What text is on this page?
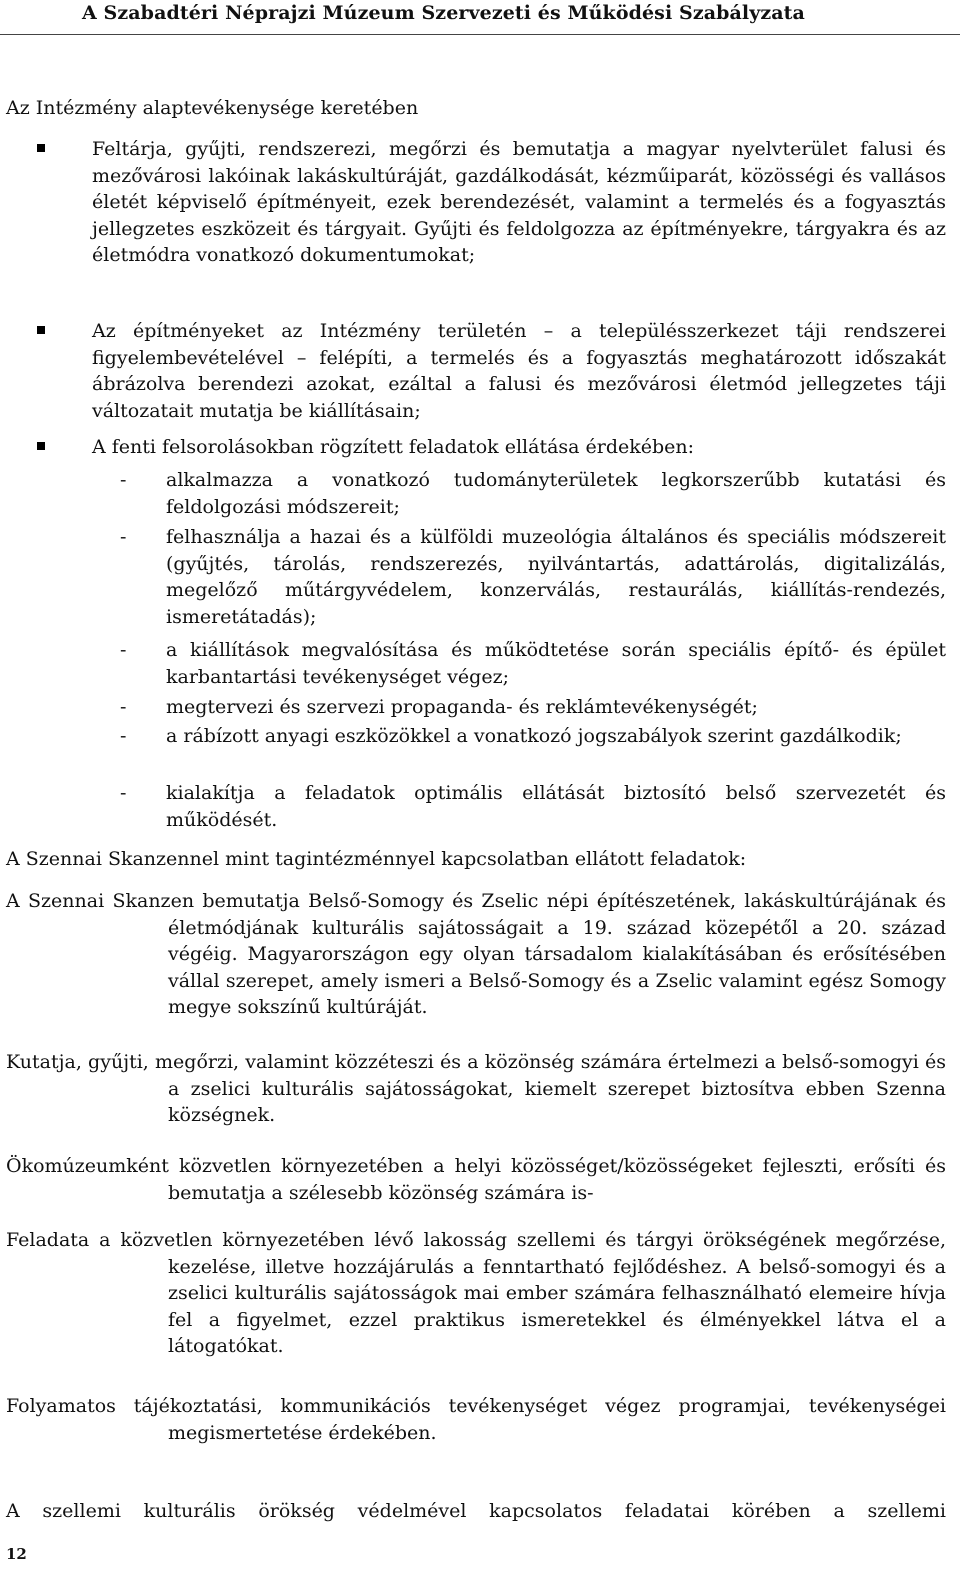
A Szabadtéri Néprajzi Múzeum Szervezeti és Működési Szabályzata
Az Intézmény alaptevékenysége keretében
Feltárja, gyűjti, rendszerezi, megőrzi és bemutatja a magyar nyelvterület falusi és mezővárosi lakóinak lakáskultúráját, gazdálkodását, kézműiparát, közösségi és vallásos életét képviselő építményeit, ezek berendezését, valamint a termelés és a fogyasztás jellegzetes eszközeit és tárgyait. Gyűjti és feldolgozza az építményekre, tárgyakra és az életmódra vonatkozó dokumentumokat;
Az építményeket az Intézmény területén – a településszerkezet táji rendszerei figyelembevételével – felépíti, a termelés és a fogyasztás meghatározott időszakát ábrázolva berendezi azokat, ezáltal a falusi és mezővárosi életmód jellegzetes táji változatait mutatja be kiállításain;
A fenti felsorolásokban rögzített feladatok ellátása érdekében:
- alkalmazza a vonatkozó tudományterületek legkorszerűbb kutatási és feldolgozási módszereit;
- felhasználja a hazai és a külföldi muzeológia általános és speciális módszereit (gyűjtés, tárolás, rendszerezés, nyilvántartás, adattárolás, digitalizálás, megelőző műtárgyvédelem, konzerválás, restaurálás, kiállítás-rendezés, ismeretátadás);
- a kiállítások megvalósítása és működtetése során speciális építő- és épület karbantartási tevékenységet végez;
- megtervezi és szervezi propaganda- és reklámtevékenységét;
- a rábízott anyagi eszközökkel a vonatkozó jogszabályok szerint gazdálkodik;
- kialakítja a feladatok optimális ellátását biztosító belső szervezetét és működését.
A Szennai Skanzennel mint tagintézménnyel kapcsolatban ellátott feladatok:
A Szennai Skanzen bemutatja Belső-Somogy és Zselic népi építészetének, lakáskultúrájának és életmódjának kulturális sajátosságait a 19. század közepétől a 20. század végéig. Magyarországon egy olyan társadalom kialakításában és erősítésében vállal szerepet, amely ismeri a Belső-Somogy és a Zselic valamint egész Somogy megye sokszínű kultúráját.
Kutatja, gyűjti, megőrzi, valamint közzéteszi és a közönség számára értelmezi a belső-somogyi és a zselici kulturális sajátosságokat, kiemelt szerepet biztosítva ebben Szenna községnek.
Ökomúzeumként közvetlen környezetében a helyi közösséget/közösségeket fejleszti, erősíti és bemutatja a szélesebb közönség számára is-
Feladata a közvetlen környezetében lévő lakosság szellemi és tárgyi örökségének megőrzése, kezelése, illetve hozzájárulás a fenntartható fejlődéshez. A belső-somogyi és a zselici kulturális sajátosságok mai ember számára felhasználható elemeire hívja fel a figyelmet, ezzel praktikus ismeretekkel és élményekkel látva el a látogatókat.
Folyamatos tájékoztatási, kommunikációs tevékenységet végez programjai, tevékenységei megismertetése érdekében.
A szellemi kulturális örökség védelmével kapcsolatos feladatai körében a szellemi
12
